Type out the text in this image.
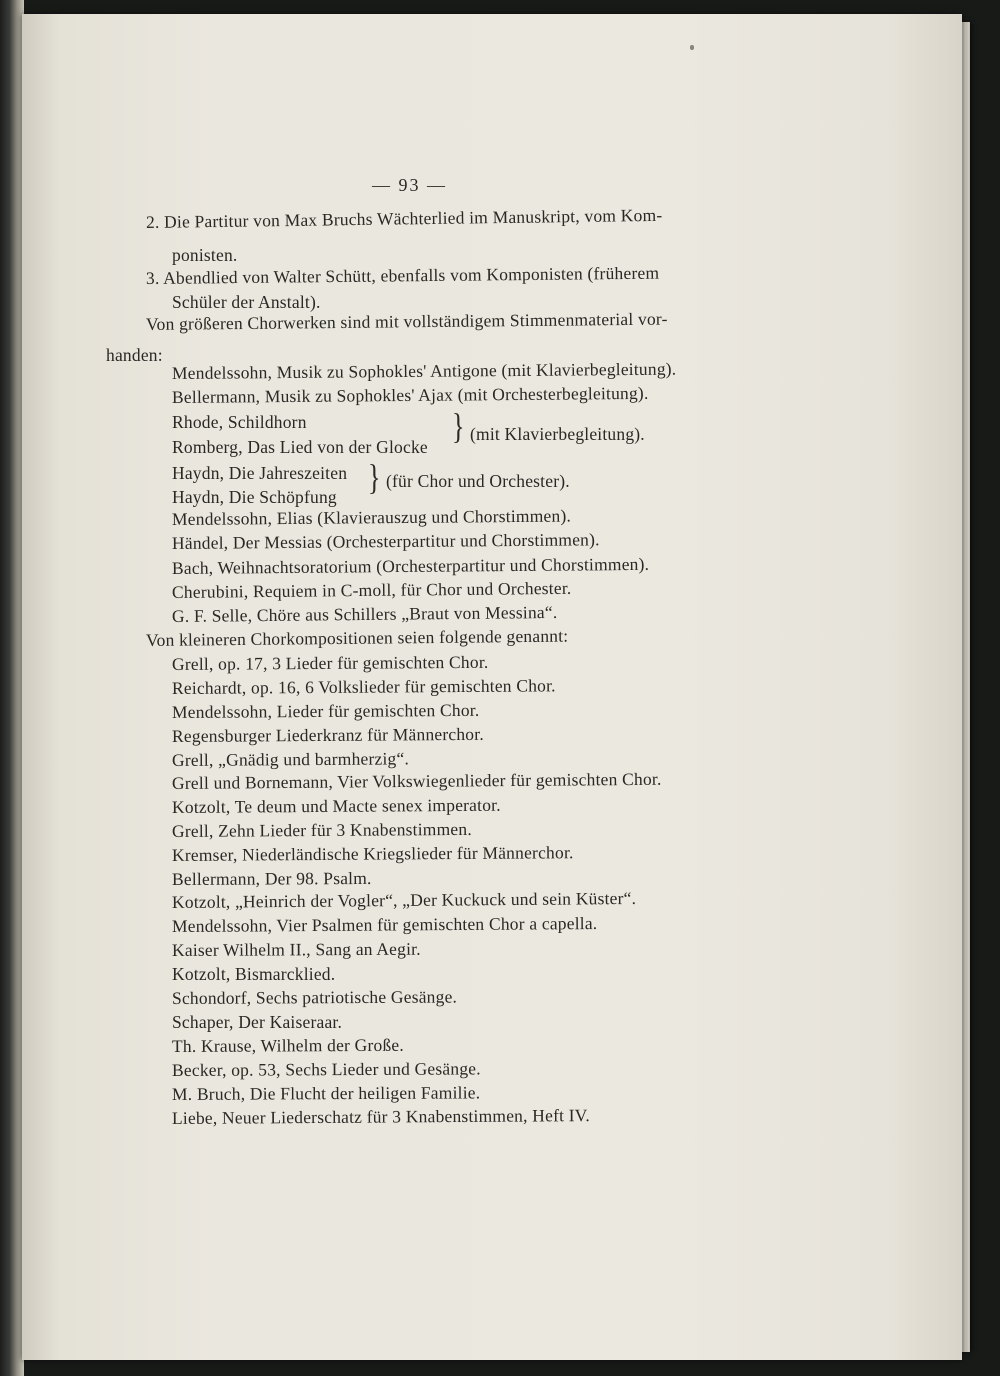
— 93 —
2. Die Partitur von Max Bruchs Wächterlied im Manuskript, vom Kom-
ponisten.
3. Abendlied von Walter Schütt, ebenfalls vom Komponisten (früherem
Schüler der Anstalt).
Von größeren Chorwerken sind mit vollständigem Stimmenmaterial vor-
handen:
Mendelssohn, Musik zu Sophokles' Antigone (mit Klavierbegleitung).
Bellermann, Musik zu Sophokles' Ajax (mit Orchesterbegleitung).
Rhode, Schildhorn
Romberg, Das Lied von der Glocke
} (mit Klavierbegleitung).
Haydn, Die Jahreszeiten
Haydn, Die Schöpfung } (für Chor und Orchester).
Mendelssohn, Elias (Klavierauszug und Chorstimmen).
Händel, Der Messias (Orchesterpartitur und Chorstimmen).
Bach, Weihnachtsoratorium (Orchesterpartitur und Chorstimmen).
Cherubini, Requiem in C-moll, für Chor und Orchester.
G. F. Selle, Chöre aus Schillers „Braut von Messina“.
Von kleineren Chorkompositionen seien folgende genannt:
Grell, op. 17, 3 Lieder für gemischten Chor.
Reichardt, op. 16, 6 Volkslieder für gemischten Chor.
Mendelssohn, Lieder für gemischten Chor.
Regensburger Liederkranz für Männerchor.
Grell, „Gnädig und barmherzig“.
Grell und Bornemann, Vier Volkswiegenlieder für gemischten Chor.
Kotzolt, Te deum und Macte senex imperator.
Grell, Zehn Lieder für 3 Knabenstimmen.
Kremser, Niederländische Kriegslieder für Männerchor.
Bellermann, Der 98. Psalm.
Kotzolt, „Heinrich der Vogler“, „Der Kuckuck und sein Küster“.
Mendelssohn, Vier Psalmen für gemischten Chor a capella.
Kaiser Wilhelm II., Sang an Aegir.
Kotzolt, Bismarcklied.
Schondorf, Sechs patriotische Gesänge.
Schaper, Der Kaiseraar.
Th. Krause, Wilhelm der Große.
Becker, op. 53, Sechs Lieder und Gesänge.
M. Bruch, Die Flucht der heiligen Familie.
Liebe, Neuer Liederschatz für 3 Knabenstimmen, Heft IV.
